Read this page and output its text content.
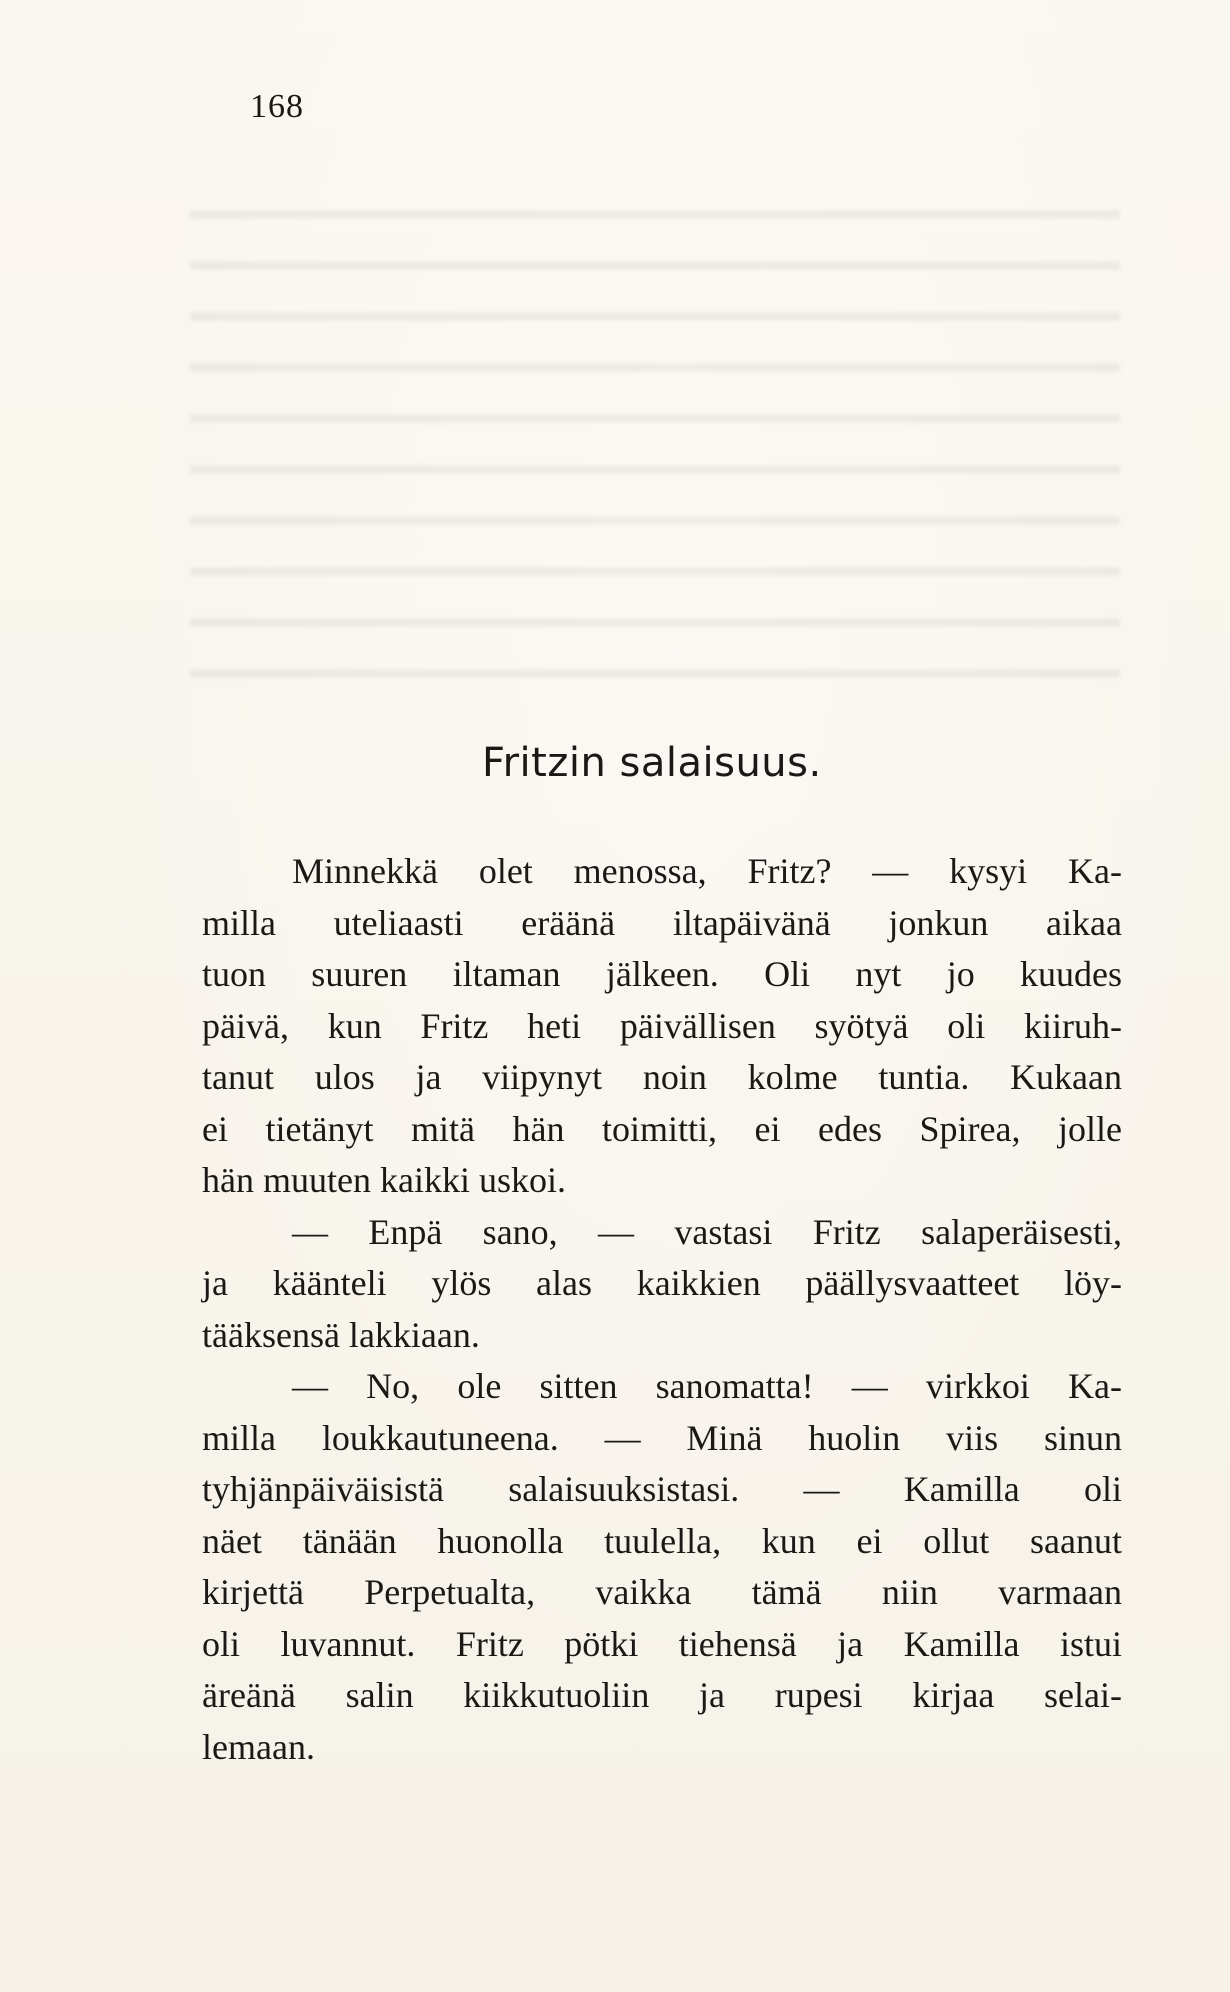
168
Fritzin salaisuus.

Minnekkä olet menossa, Fritz? — kysyi Ka-
milla uteliaasti eräänä iltapäivänä jonkun aikaa
tuon suuren iltaman jälkeen. Oli nyt jo kuudes
päivä, kun Fritz heti päivällisen syötyä oli kiiruh-
tanut ulos ja viipynyt noin kolme tuntia. Kukaan
ei tietänyt mitä hän toimitti, ei edes Spirea, jolle
hän muuten kaikki uskoi.

— Enpä sano, — vastasi Fritz salaperäisesti,
ja käänteli ylös alas kaikkien päällysvaatteet löy-
tääksensä lakkiaan.

— No, ole sitten sanomatta! — virkkoi Ka-
milla loukkautuneena. — Minä huolin viis sinun
tyhjänpäiväisistä salaisuuksistasi. — Kamilla oli
näet tänään huonolla tuulella, kun ei ollut saanut
kirjettä Perpetualta, vaikka tämä niin varmaan
oli luvannut. Fritz pötki tiehensä ja Kamilla istui
äreänä salin kiikkutuoliin ja rupesi kirjaa selai-
lemaan.
